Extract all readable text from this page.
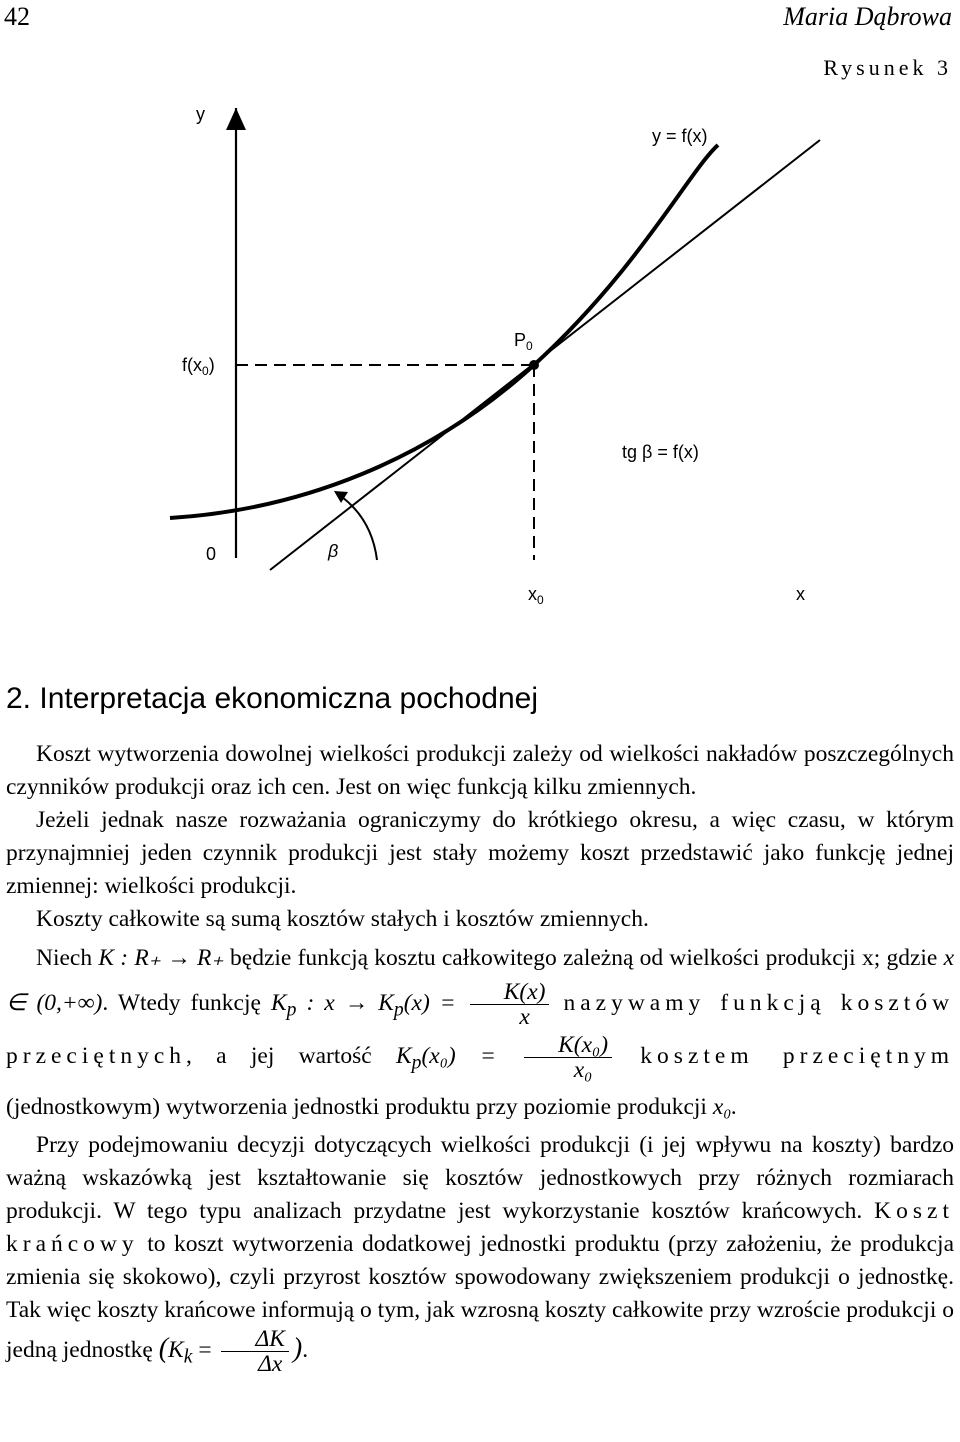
42	Maria Dąbrowa
Rysunek 3
y
y = f(x)
$f(x_0)$
$P_0$
tg β = f(x)
0	β
$x_0$	x
2. Interpretacja ekonomiczna pochodnej

Koszt wytworzenia dowolnej wielkości produkcji zależy od wielkości nakładów poszczególnych czynników produkcji oraz ich cen. Jest on więc funkcją kilku zmiennych.

Jeżeli jednak nasze rozważania ograniczymy do krótkiego okresu, a więc czasu, w którym przynajmniej jeden czynnik produkcji jest stały możemy koszt przedstawić jako funkcję jednej zmiennej: wielkości produkcji.

Koszty całkowite są sumą kosztów stałych i kosztów zmiennych.

Niech K : R₊ → R₊ będzie funkcją kosztu całkowitego zależną od wielkości produkcji x; gdzie x ∈ (0,+∞). Wtedy funkcję $K_p$ : $x \to K_p(x) = \frac{K(x)}{x}$ nazywamy funkcją kosztów przeciętnych, a jej wartość $K_p(x_0) = \frac{\text{K(x₀)}}{\text{x₀}}$ kosztem przeciętnym (jednostkowym) wytworzenia jednostki produktu przy poziomie produkcji x₀.

Przy podejmowaniu decyzji dotyczących wielkości produkcji (i jej wpływu na koszty) bardzo ważną wskazówką jest kształtowanie się kosztów jednostkowych przy różnych rozmiarach produkcji. W tego typu analizach przydatne jest wykorzystanie kosztów krańcowych. Koszt krańcowy to koszt wytworzenia dodatkowej jednostki produktu (przy założeniu, że produkcja zmienia się skokowo), czyli przyrost kosztów spowodowany zwiększeniem produkcji o jednostkę. Tak więc koszty krańcowe informują o tym, jak wzrosną koszty całkowite przy wzroście produkcji o jedną jednostkę ($K_k = \frac{\Delta K}{\Delta x}$ ).
